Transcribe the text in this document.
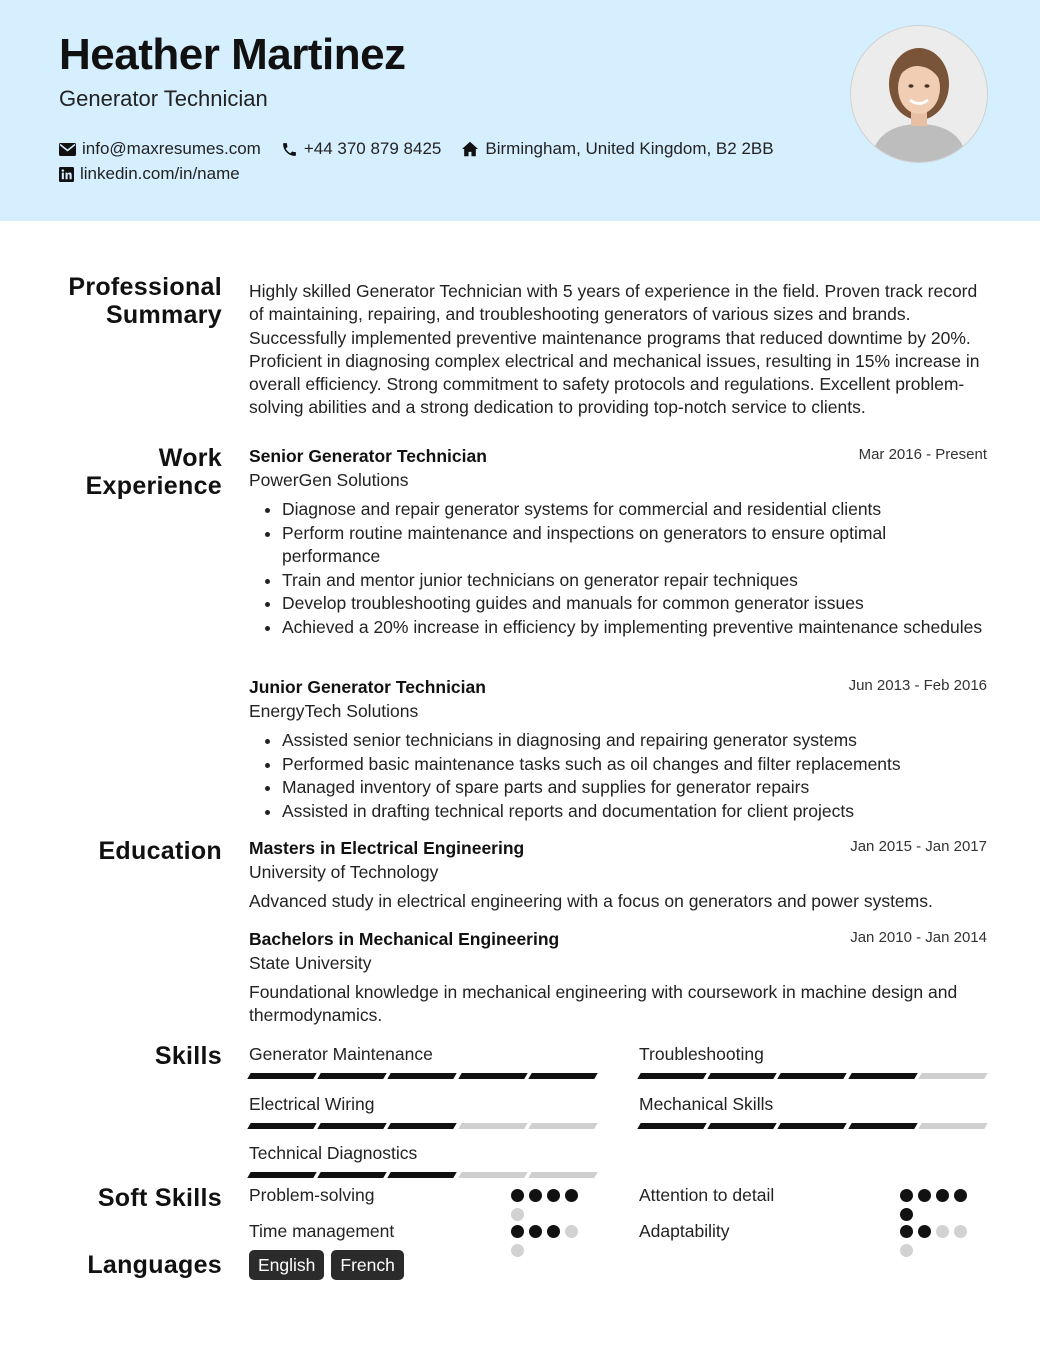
Heather Martinez
Generator Technician
info@maxresumes.com	+44 370 879 8425	Birmingham, United Kingdom, B2 2BB
linkedin.com/in/name
Professional
Summary

Highly skilled Generator Technician with 5 years of experience in the field. Proven track record of maintaining, repairing, and troubleshooting generators of various sizes and brands. Successfully implemented preventive maintenance programs that reduced downtime by 20%. Proficient in diagnosing complex electrical and mechanical issues, resulting in 15% increase in overall efficiency. Strong commitment to safety protocols and regulations. Excellent problem-solving abilities and a strong dedication to providing top-notch service to clients.

Work
Experience
Senior Generator Technician	Mar 2016 - Present
PowerGen Solutions
• Diagnose and repair generator systems for commercial and residential clients
• Perform routine maintenance and inspections on generators to ensure optimal performance
• Train and mentor junior technicians on generator repair techniques
• Develop troubleshooting guides and manuals for common generator issues
• Achieved a 20% increase in efficiency by implementing preventive maintenance schedules
Junior Generator Technician	Jun 2013 - Feb 2016
EnergyTech Solutions
• Assisted senior technicians in diagnosing and repairing generator systems
• Performed basic maintenance tasks such as oil changes and filter replacements
• Managed inventory of spare parts and supplies for generator repairs
• Assisted in drafting technical reports and documentation for client projects
Education Masters in Electrical Engineering	Jan 2015 - Jan 2017
University of Technology

Advanced study in electrical engineering with a focus on generators and power systems.

Bachelors in Mechanical Engineering	Jan 2010 - Jan 2014
State University

Foundational knowledge in mechanical engineering with coursework in machine design and thermodynamics.

Skills Generator Maintenance	Troubleshooting
Electrical Wiring	Mechanical Skills
Technical Diagnostics
Soft Skills Problem-solving	Attention to detail
Time management	Adaptability
Languages	English	French
